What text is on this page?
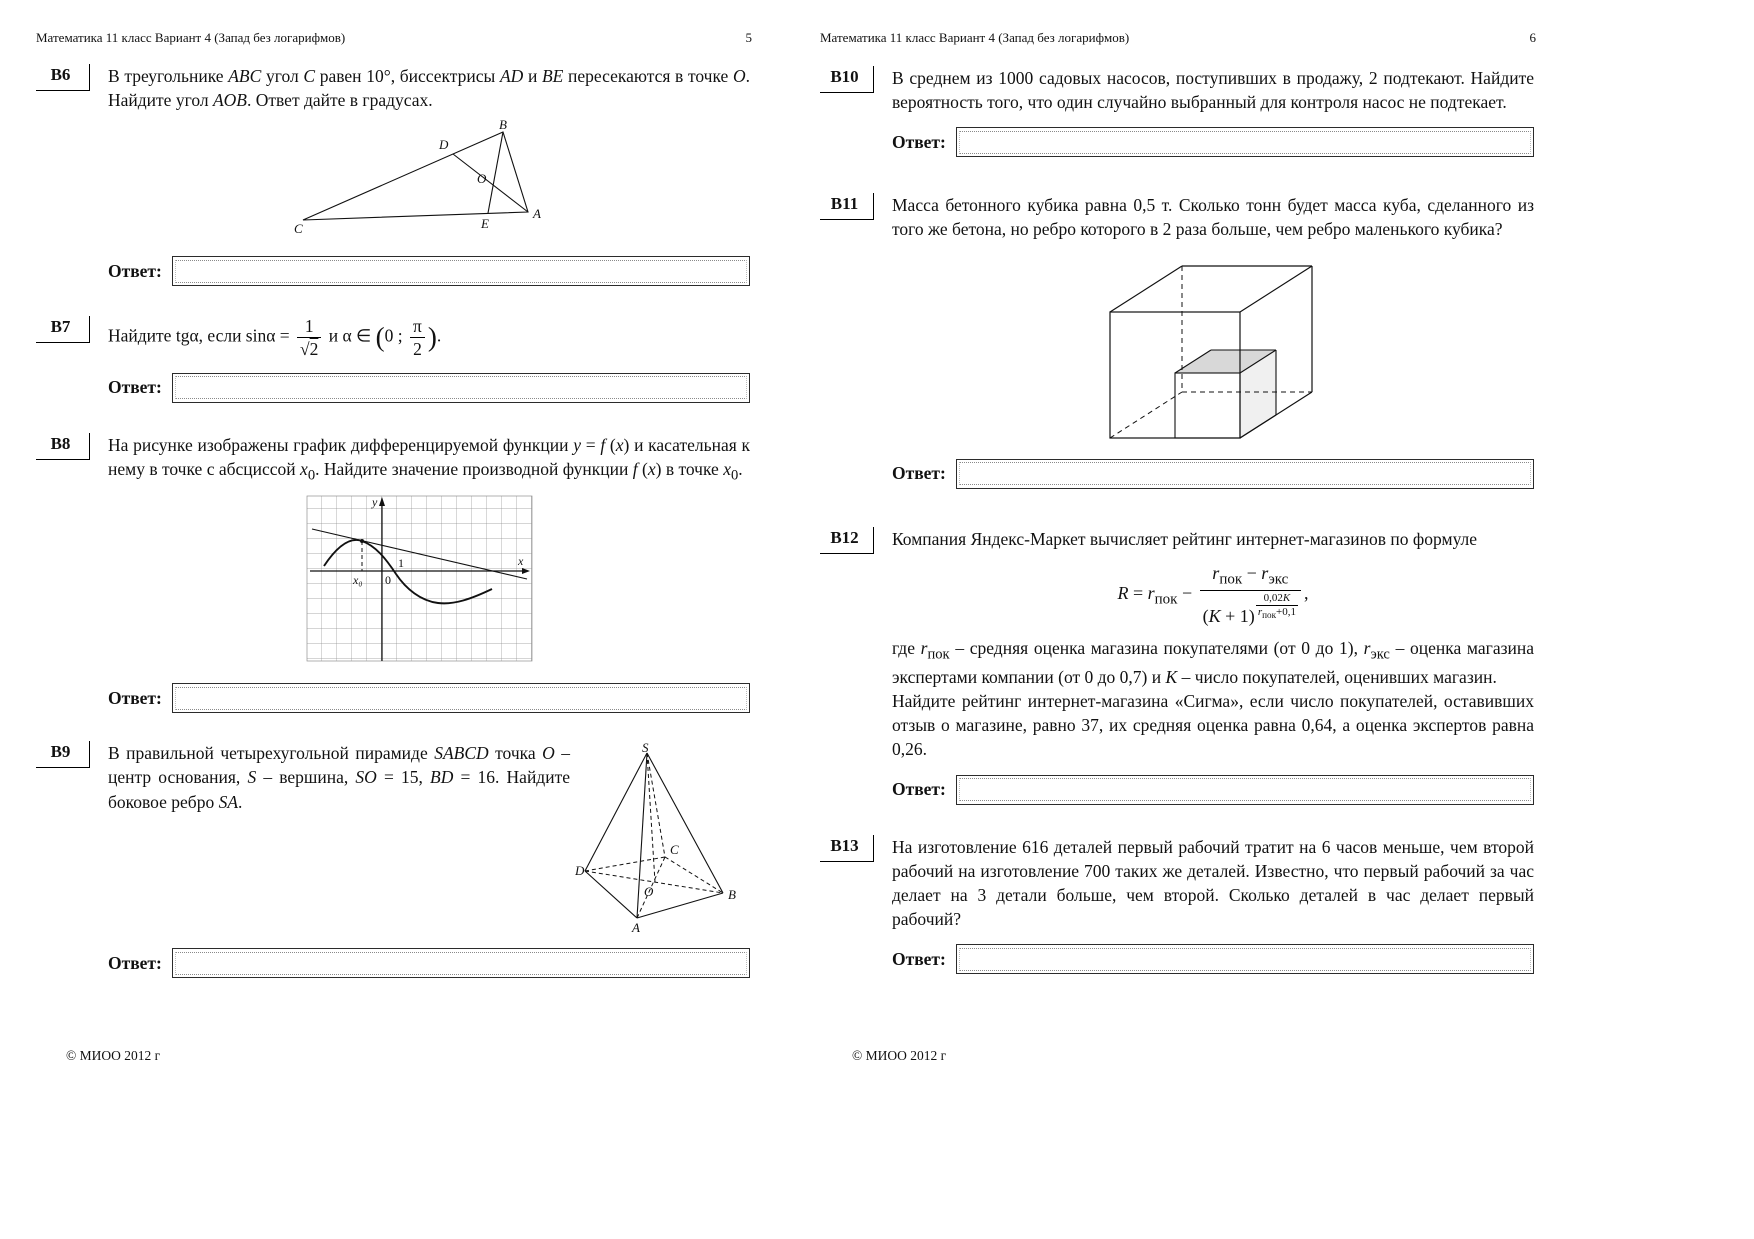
Математика 11 класс Вариант 4 (Запад без логарифмов)	5
В6	В треугольнике ABC угол C равен 10°, биссектрисы AD и BE пересекаются в точке O. Найдите угол AOB. Ответ дайте в градусах.

B
D
O
C	E
A
Ответ:
В7	Найдите tgα, если $\sin\alpha = \frac{1}{√2}$ и α ∈ (0 ; $\frac{\pi}{2}$ ).

Ответ:
В8	На рисунке изображены график дифференцируемой функции y = f (x) и касательная к нему в точке с абсциссой $x_0$. Найдите значение производной функции f (x) в точке $x_0$.

y
x
0
1
x₀
Ответ:
В9	В правильной четырехугольной пирамиде SABCD точка O – центр основания, S – вершина, SO = 15, BD = 16. Найдите боковое ребро SA.

S
D
C
O
A
B
Ответ:
© МИОО 2012 г
Математика 11 класс Вариант 4 (Запад без логарифмов)	6
В10	В среднем из 1000 садовых насосов, поступивших в продажу, 2 подтекают. Найдите вероятность того, что один случайно выбранный для контроля насос не подтекает.

Ответ:
В11	Масса бетонного кубика равна 0,5 т. Сколько тонн будет масса куба, сделанного из того же бетона, но ребро которого в 2 раза больше, чем ребро маленького кубика?

Ответ:
В12	Компания Яндекс-Маркет вычисляет рейтинг интернет-магазинов по формуле

$R = r_{пок} - r_{пок} - r_{экс}$
(K + 1)
0,02K
$r_{пок}+0,1$ ,

где $r_{пок}$ – средняя оценка магазина покупателями (от 0 до 1), $r_{экс}$ – оценка магазина экспертами компании (от 0 до 0,7) и K – число покупателей, оценивших магазин.

Найдите рейтинг интернет-магазина «Сигма», если число покупателей, оставивших отзыв о магазине, равно 37, их средняя оценка равна 0,64, а оценка экспертов равна 0,26.

Ответ:
В13	На изготовление 616 деталей первый рабочий тратит на 6 часов меньше, чем второй рабочий на изготовление 700 таких же деталей. Известно, что первый рабочий за час делает на 3 детали больше, чем второй. Сколько деталей в час делает первый рабочий?

Ответ:
© МИОО 2012 г
